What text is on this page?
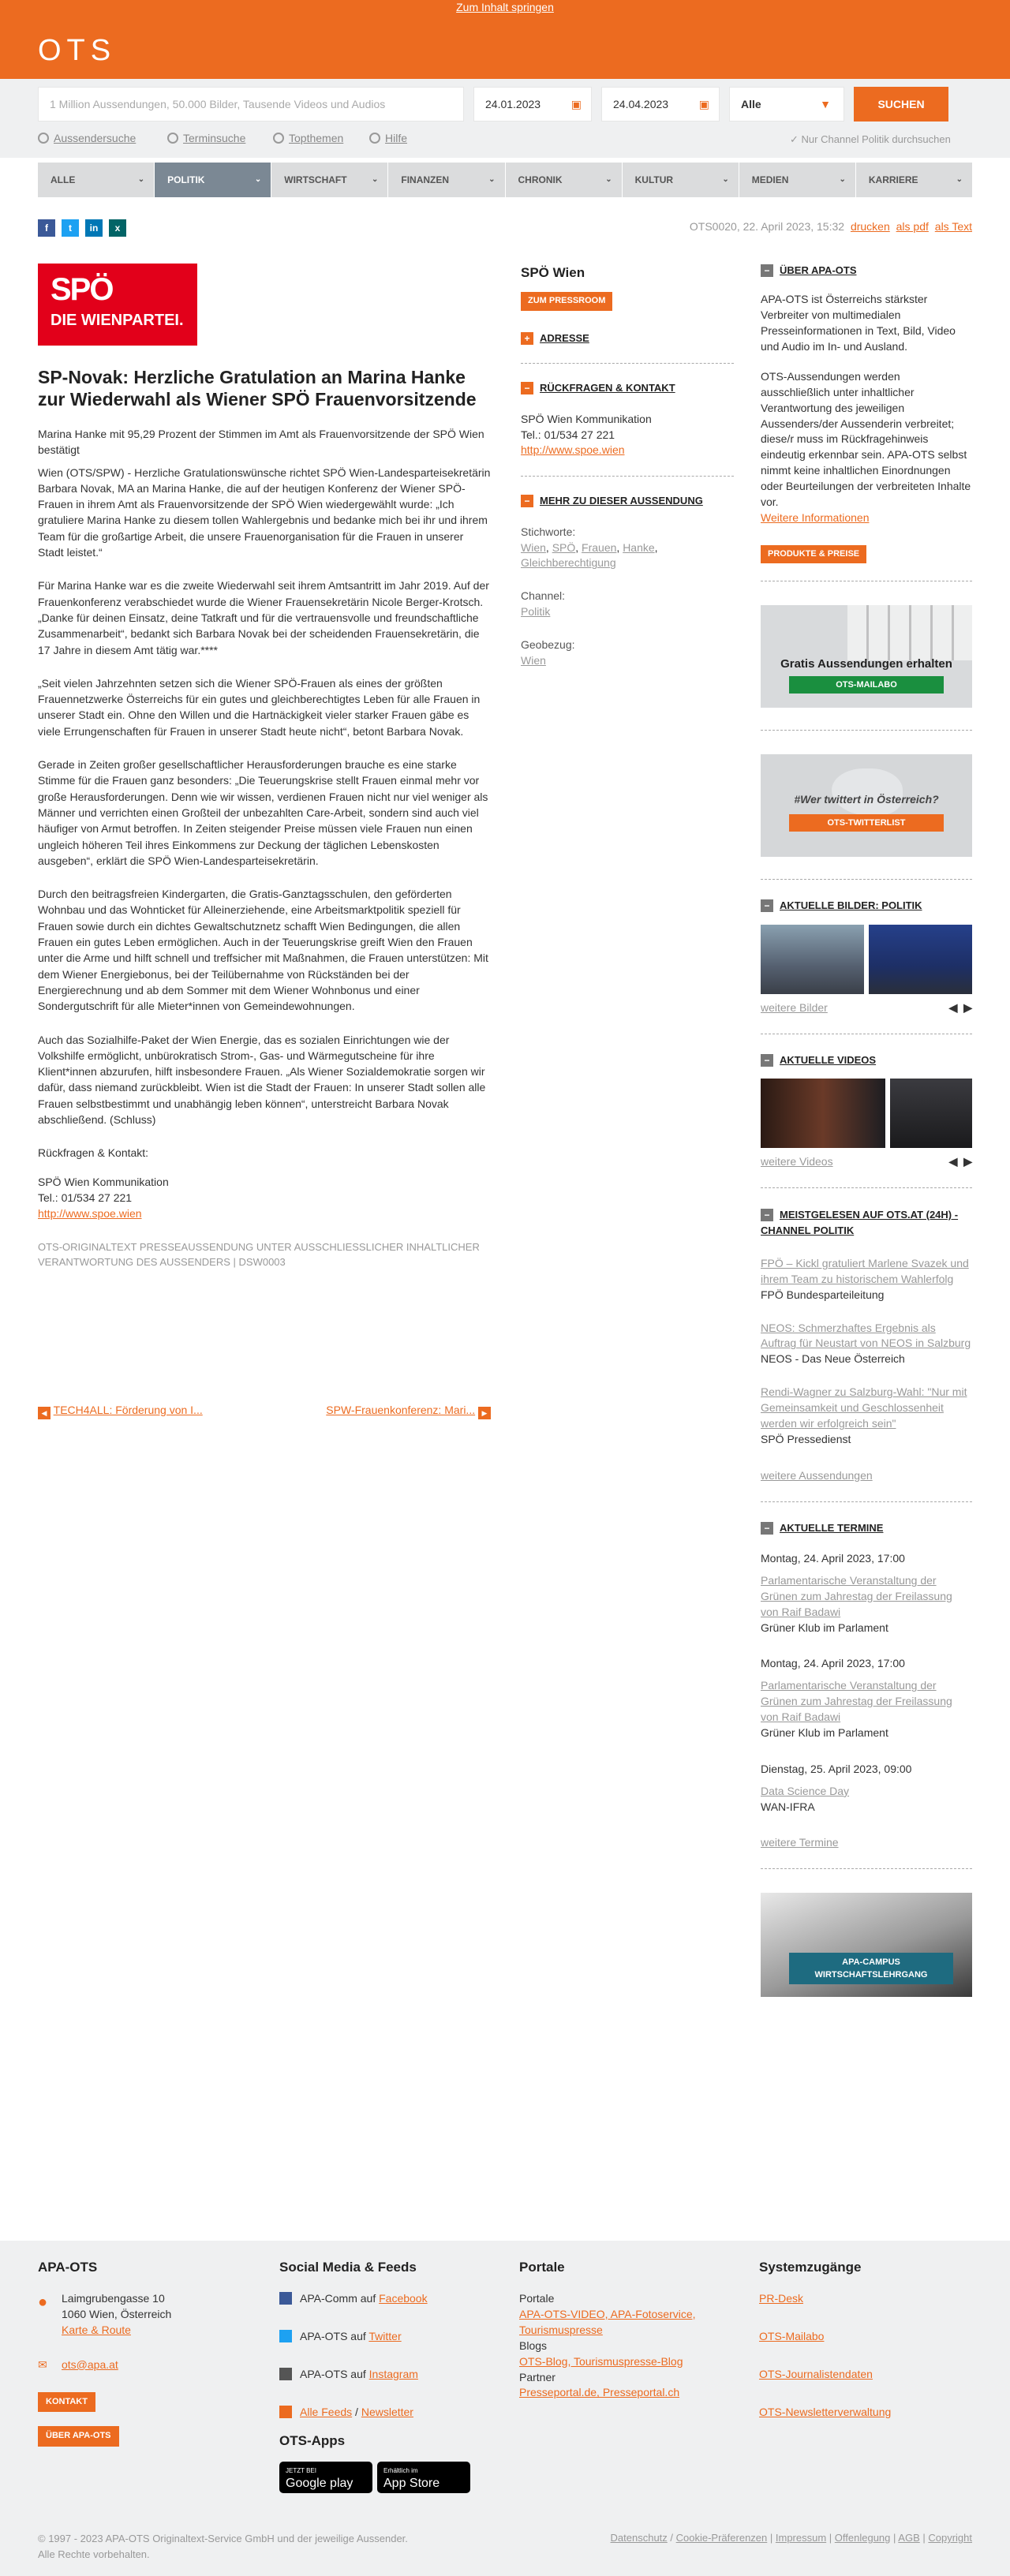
Zum Inhalt springen
OTS
1 Million Aussendungen, 50.000 Bilder, Tausende Videos und Audios	24.01.2023	▣	24.04.2023	▣	Alle	▼	SUCHEN
Aussendersuche	Terminsuche	Topthemen	Hilfe	✓ Nur Channel Politik durchsuchen
ALLE	⌄	POLITIK	⌄	WIRTSCHAFT	⌄	FINANZEN	⌄	CHRONIK	⌄	KULTUR	⌄	MEDIEN	⌄	KARRIERE	⌄
f	t	in	x	OTS0020, 22. April 2023, 15:32 drucken als pdf als Text
SPÖ
DIE WIENPARTEI.
SP-Novak: Herzliche Gratulation an Marina Hanke zur Wiederwahl als Wiener SPÖ Frauenvorsitzende

Marina Hanke mit 95,29 Prozent der Stimmen im Amt als Frauenvorsitzende der SPÖ Wien bestätigt

Wien (OTS/SPW) - Herzliche Gratulationswünsche richtet SPÖ Wien-Landesparteisekretärin Barbara Novak, MA an Marina Hanke, die auf der heutigen Konferenz der Wiener SPÖ-Frauen in ihrem Amt als Frauenvorsitzende der SPÖ Wien wiedergewählt wurde: „Ich gratuliere Marina Hanke zu diesem tollen Wahlergebnis und bedanke mich bei ihr und ihrem Team für die großartige Arbeit, die unsere Frauenorganisation für die Frauen in unserer Stadt leistet.“

Für Marina Hanke war es die zweite Wiederwahl seit ihrem Amtsantritt im Jahr 2019. Auf der Frauenkonferenz verabschiedet wurde die Wiener Frauensekretärin Nicole Berger-Krotsch. „Danke für deinen Einsatz, deine Tatkraft und für die vertrauensvolle und freundschaftliche Zusammenarbeit“, bedankt sich Barbara Novak bei der scheidenden Frauensekretärin, die 17 Jahre in diesem Amt tätig war.****

„Seit vielen Jahrzehnten setzen sich die Wiener SPÖ-Frauen als eines der größten Frauennetzwerke Österreichs für ein gutes und gleichberechtigtes Leben für alle Frauen in unserer Stadt ein. Ohne den Willen und die Hartnäckigkeit vieler starker Frauen gäbe es viele Errungenschaften für Frauen in unserer Stadt heute nicht“, betont Barbara Novak.

Gerade in Zeiten großer gesellschaftlicher Herausforderungen brauche es eine starke Stimme für die Frauen ganz besonders: „Die Teuerungskrise stellt Frauen einmal mehr vor große Herausforderungen. Denn wie wir wissen, verdienen Frauen nicht nur viel weniger als Männer und verrichten einen Großteil der unbezahlten Care-Arbeit, sondern sind auch viel häufiger von Armut betroffen. In Zeiten steigender Preise müssen viele Frauen nun einen ungleich höheren Teil ihres Einkommens zur Deckung der täglichen Lebenskosten ausgeben“, erklärt die SPÖ Wien-Landesparteisekretärin.

Durch den beitragsfreien Kindergarten, die Gratis-Ganztagsschulen, den geförderten Wohnbau und das Wohnticket für Alleinerziehende, eine Arbeitsmarktpolitik speziell für Frauen sowie durch ein dichtes Gewaltschutznetz schafft Wien Bedingungen, die allen Frauen ein gutes Leben ermöglichen. Auch in der Teuerungskrise greift Wien den Frauen unter die Arme und hilft schnell und treffsicher mit Maßnahmen, die Frauen unterstützen: Mit dem Wiener Energiebonus, bei der Teilübernahme von Rückständen bei der Energierechnung und ab dem Sommer mit dem Wiener Wohnbonus und einer Sondergutschrift für alle Mieter*innen von Gemeindewohnungen.

Auch das Sozialhilfe-Paket der Wien Energie, das es sozialen Einrichtungen wie der Volkshilfe ermöglicht, unbürokratisch Strom-, Gas- und Wärmegutscheine für ihre Klient*innen abzurufen, hilft insbesondere Frauen. „Als Wiener Sozialdemokratie sorgen wir dafür, dass niemand zurückbleibt. Wien ist die Stadt der Frauen: In unserer Stadt sollen alle Frauen selbstbestimmt und unabhängig leben können“, unterstreicht Barbara Novak abschließend. (Schluss)

Rückfragen & Kontakt:

SPÖ Wien Kommunikation

Tel.: 01/534 27 221

http://www.spoe.wien

OTS-ORIGINALTEXT PRESSEAUSSENDUNG UNTER AUSSCHLIESSLICHER INHALTLICHER VERANTWORTUNG DES AUSSENDERS | DSW0003

◀ TECH4ALL: Förderung von I...	SPW-Frauenkonferenz: Mari... ▶
SPÖ Wien
ZUM PRESSROOM
+ ADRESSE
− RÜCKFRAGEN & KONTAKT
SPÖ Wien Kommunikation
Tel.: 01/534 27 221
http://www.spoe.wien
− MEHR ZU DIESER AUSSENDUNG
Stichworte:
Wien, SPÖ, Frauen, Hanke,
Gleichberechtigung
Channel:
Politik
Geobezug:
Wien
− ÜBER APA-OTS

APA-OTS ist Österreichs stärkster Verbreiter von multimedialen Presseinformationen in Text, Bild, Video und Audio im In- und Ausland.

OTS-Aussendungen werden ausschließlich unter inhaltlicher Verantwortung des jeweiligen Aussenders/der Aussenderin verbreitet; diese/r muss im Rückfragehinweis eindeutig erkennbar sein. APA-OTS selbst nimmt keine inhaltlichen Einordnungen oder Beurteilungen der verbreiteten Inhalte vor.

Weitere Informationen
PRODUKTE & PREISE
Gratis Aussendungen erhalten
OTS-MAILABO
#Wer twittert in Österreich?
OTS-TWITTERLIST
− AKTUELLE BILDER: POLITIK
weitere Bilder	◀ ▶
− AKTUELLE VIDEOS
weitere Videos	◀ ▶
− MEISTGELESEN AUF OTS.AT (24H) - CHANNEL POLITIK
FPÖ – Kickl gratuliert Marlene Svazek und ihrem Team zu historischem Wahlerfolg
FPÖ Bundesparteileitung
NEOS: Schmerzhaftes Ergebnis als Auftrag für Neustart von NEOS in Salzburg
NEOS - Das Neue Österreich
Rendi-Wagner zu Salzburg-Wahl: "Nur mit Gemeinsamkeit und Geschlossenheit werden wir erfolgreich sein"
SPÖ Pressedienst
weitere Aussendungen
− AKTUELLE TERMINE
Montag, 24. April 2023, 17:00
Parlamentarische Veranstaltung der Grünen zum Jahrestag der Freilassung von Raif Badawi
Grüner Klub im Parlament
Montag, 24. April 2023, 17:00
Parlamentarische Veranstaltung der Grünen zum Jahrestag der Freilassung von Raif Badawi
Grüner Klub im Parlament
Dienstag, 25. April 2023, 09:00
Data Science Day
WAN-IFRA
weitere Termine
APA-CAMPUS WIRTSCHAFTSLEHRGANG
APA-OTS
● Laimgrubengasse 10
1060 Wien, Österreich
Karte & Route
✉ ots@apa.at
KONTAKT
ÜBER APA-OTS
Social Media & Feeds
APA-Comm auf Facebook
APA-OTS auf Twitter
APA-OTS auf Instagram
Alle Feeds / Newsletter
OTS-Apps
JETZT BEI
Google play
Erhältlich im
App Store
Portale
Portale
APA-OTS-VIDEO, APA-Fotoservice, Tourismuspresse
Blogs
OTS-Blog, Tourismuspresse-Blog
Partner
Presseportal.de, Presseportal.ch
Systemzugänge
PR-Desk
OTS-Mailabo
OTS-Journalistendaten
OTS-Newsletterverwaltung
© 1997 - 2023 APA-OTS Originaltext-Service GmbH und der jeweilige Aussender.
Alle Rechte vorbehalten.
Datenschutz / Cookie-Präferenzen | Impressum | Offenlegung | AGB | Copyright
